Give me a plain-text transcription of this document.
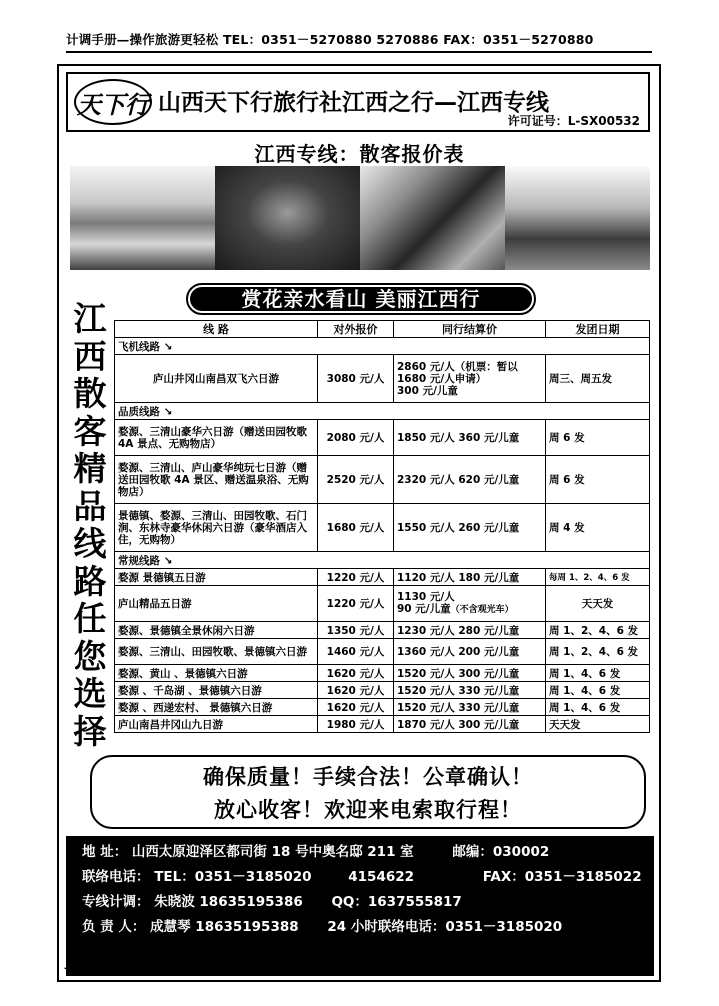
计调手册—操作旅游更轻松 TEL：0351－5270880 5270886 FAX：0351－5270880
天下行 山西天下行旅行社江西之行—江西专线
许可证号：L-SX00532
江西专线：散客报价表
赏花亲水看山 美丽江西行
江
西
散
客
精
品
线
路
任
您
选
择
线 路	对外报价	同行结算价	发团日期
飞机线路 ↘			
庐山井冈山南昌双飞六日游	3080 元/人	2860 元/人（机票：暂以
1680 元/人申请）
300 元/儿童	周三、周五发
品质线路 ↘			
婺源、三清山豪华六日游（赠送田园牧歌 4A 景点、无购物店）	2080 元/人	1850 元/人 360 元/儿童	周 6 发
婺源、三清山、庐山豪华纯玩七日游（赠送田园牧歌 4A 景区、赠送温泉浴、无购物店）	2520 元/人	2320 元/人 620 元/儿童	周 6 发
景德镇、婺源、三清山、田园牧歌、石门涧、东林寺豪华休闲六日游（豪华酒店入住，无购物）	1680 元/人	1550 元/人 260 元/儿童	周 4 发
常规线路 ↘			
婺源 景德镇五日游	1220 元/人	1120 元/人 180 元/儿童	每周 1、2、4、6 发
庐山精品五日游	1220 元/人	1130 元/人
90 元/儿童（不含观光车）	天天发
婺源、景德镇全景休闲六日游	1350 元/人	1230 元/人 280 元/儿童	周 1、2、4、6 发
婺源、三清山、田园牧歌、景德镇六日游	1460 元/人	1360 元/人 200 元/儿童	周 1、2、4、6 发
婺源、黄山 、景德镇六日游	1620 元/人	1520 元/人 300 元/儿童	周 1、4、6 发
婺源 、千岛湖 、景德镇六日游	1620 元/人	1520 元/人 330 元/儿童	周 1、4、6 发
婺源 、西递宏村、 景德镇六日游	1620 元/人	1520 元/人 330 元/儿童	周 1、4、6 发
庐山南昌井冈山九日游	1980 元/人	1870 元/人 300 元/儿童	天天发
确保质量！手续合法！公章确认！
放心收客！欢迎来电索取行程！
地 址： 山西太原迎泽区都司街 18 号中奥名邸 211 室	邮编：030002
联络电话： TEL：0351－3185020	4154622	FAX：0351－3185022
专线计调： 朱晓波 18635195386 QQ：1637555817
负 责 人： 成慧琴 18635195388 24 小时联络电话：0351－3185020
- 54 -
